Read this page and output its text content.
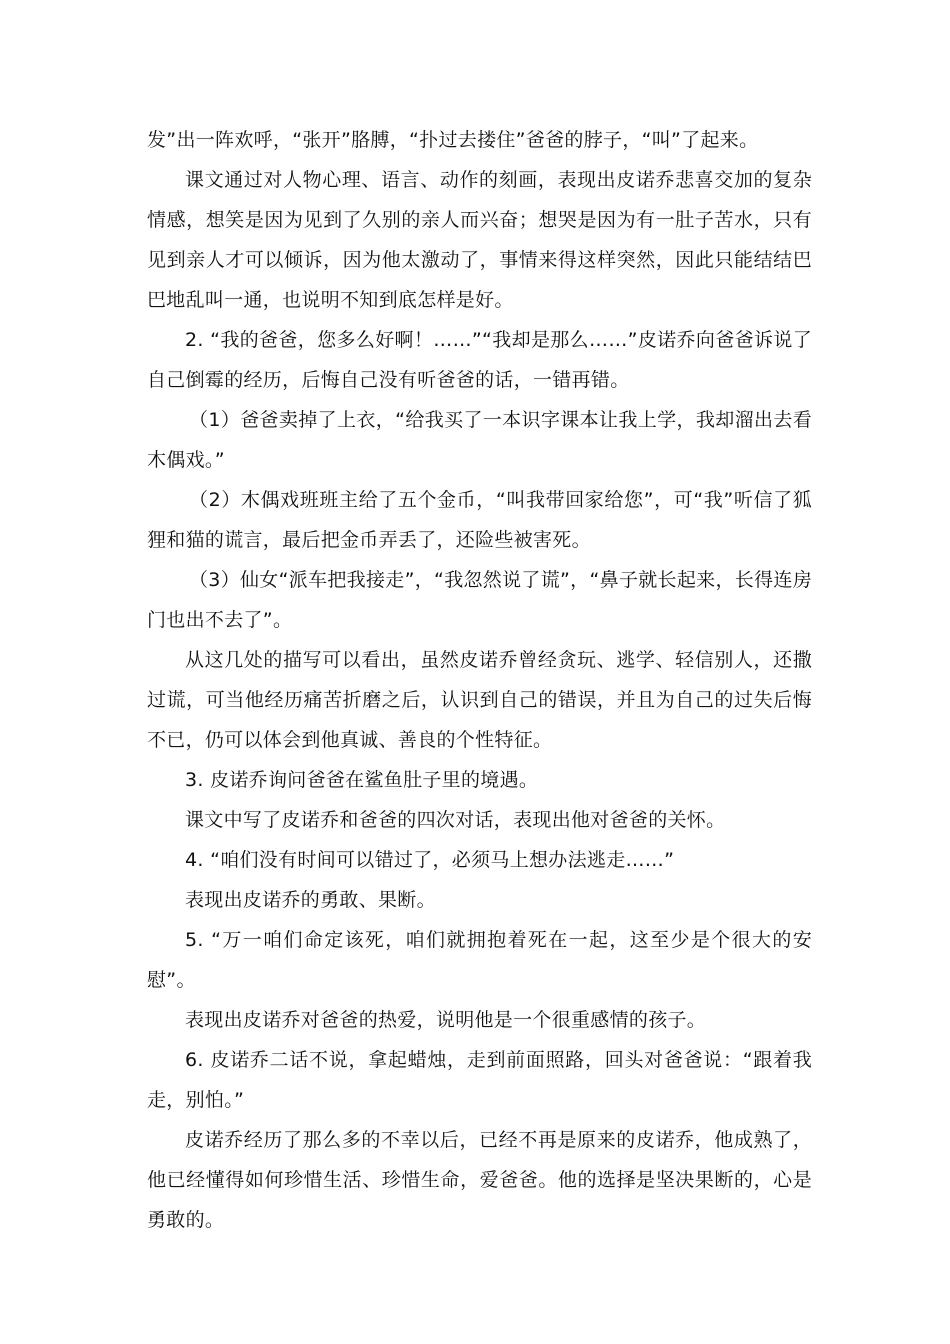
发”出一阵欢呼，“张开”胳膊，“扑过去搂住”爸爸的脖子，“叫”了起来。

课文通过对人物心理、语言、动作的刻画，表现出皮诺乔悲喜交加的复杂情感，想笑是因为见到了久别的亲人而兴奋；想哭是因为有一肚子苦水，只有见到亲人才可以倾诉，因为他太激动了，事情来得这样突然，因此只能结结巴巴地乱叫一通，也说明不知到底怎样是好。

2. “我的爸爸，您多么好啊！……”“我却是那么……”皮诺乔向爸爸诉说了自己倒霉的经历，后悔自己没有听爸爸的话，一错再错。

（1）爸爸卖掉了上衣，“给我买了一本识字课本让我上学，我却溜出去看木偶戏。”

（2）木偶戏班班主给了五个金币，“叫我带回家给您”，可“我”听信了狐狸和猫的谎言，最后把金币弄丢了，还险些被害死。

（3）仙女“派车把我接走”，“我忽然说了谎”，“鼻子就长起来，长得连房门也出不去了”。

从这几处的描写可以看出，虽然皮诺乔曾经贪玩、逃学、轻信别人，还撒过谎，可当他经历痛苦折磨之后，认识到自己的错误，并且为自己的过失后悔不已，仍可以体会到他真诚、善良的个性特征。

3. 皮诺乔询问爸爸在鲨鱼肚子里的境遇。

课文中写了皮诺乔和爸爸的四次对话，表现出他对爸爸的关怀。

4. “咱们没有时间可以错过了，必须马上想办法逃走……”

表现出皮诺乔的勇敢、果断。

5. “万一咱们命定该死，咱们就拥抱着死在一起，这至少是个很大的安慰”。

表现出皮诺乔对爸爸的热爱，说明他是一个很重感情的孩子。

6. 皮诺乔二话不说，拿起蜡烛，走到前面照路，回头对爸爸说：“跟着我走，别怕。”

皮诺乔经历了那么多的不幸以后，已经不再是原来的皮诺乔，他成熟了，他已经懂得如何珍惜生活、珍惜生命，爱爸爸。他的选择是坚决果断的，心是勇敢的。
